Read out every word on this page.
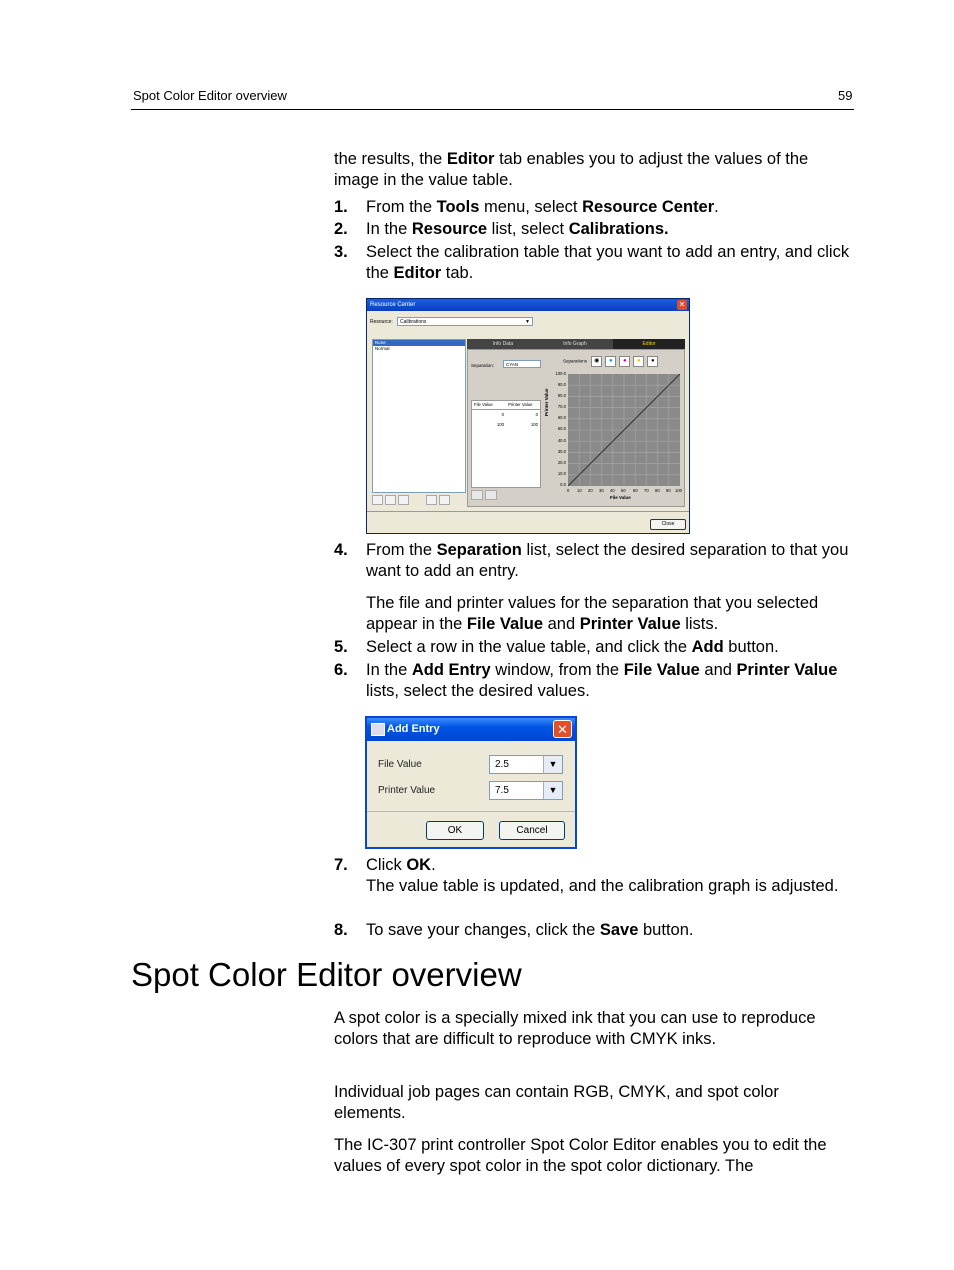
Spot Color Editor overview	59
the results, the Editor tab enables you to adjust the values of the image in the value table.
1. From the Tools menu, select Resource Center.
2. In the Resource list, select Calibrations.
3. Select the calibration table that you want to add an entry, and click the Editor tab.
Resource Center	✕
Resource:	Calibrations	▼
None
Normal

Info Data	Info Graph	Editor
Separation:	CYAN
File Value	Printer Value
0	0
100	100
Separations ◉ ● ● ● ●
Printer Value
100.0
90.0
80.0
70.0
60.0
50.0
40.0
30.0
20.0
10.0
0.0
0 10 20 30 40 50 60 70 80 90 100
File Value
Close
4. From the Separation list, select the desired separation to that you want to add an entry.
The file and printer values for the separation that you selected appear in the File Value and Printer Value lists.
5. Select a row in the value table, and click the Add button.
6. In the Add Entry window, from the File Value and Printer Value lists, select the desired values.
Add Entry	✕
File Value	2.5	▼
Printer Value	7.5	▼
OK	Cancel
7. Click OK.
The value table is updated, and the calibration graph is adjusted.
8. To save your changes, click the Save button.
Spot Color Editor overview
A spot color is a specially mixed ink that you can use to reproduce colors that are difficult to reproduce with CMYK inks.
Individual job pages can contain RGB, CMYK, and spot color elements.
The IC-307 print controller Spot Color Editor enables you to edit the values of every spot color in the spot color dictionary. The
